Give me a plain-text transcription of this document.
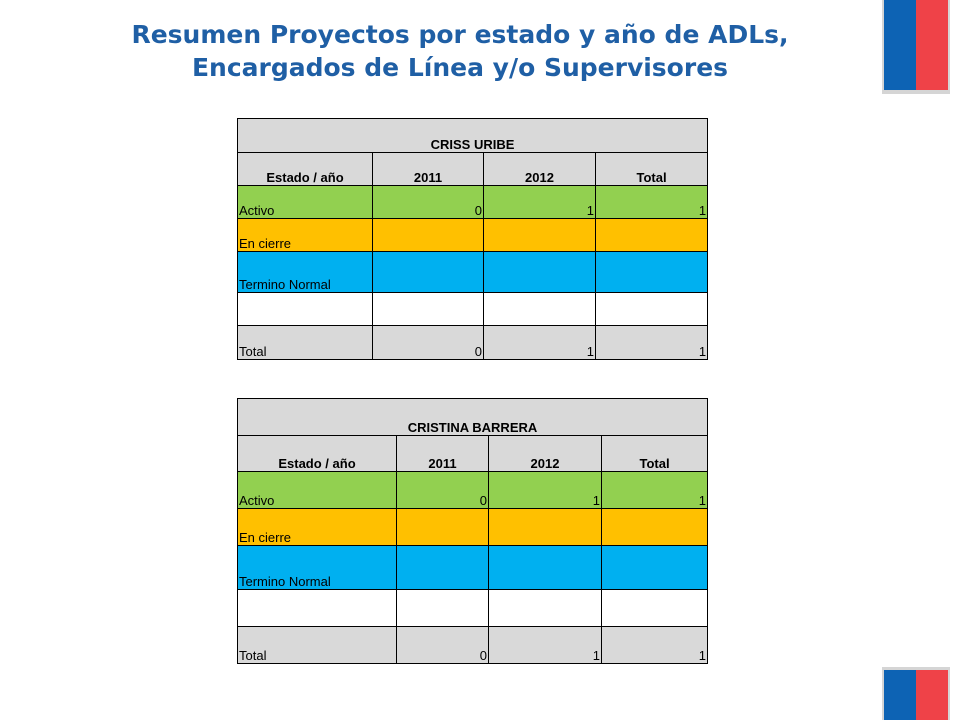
Resumen Proyectos por estado y año de ADLs,
Encargados de Línea y/o Supervisores
CRISS URIBE			
Estado / año	2011	2012	Total
Activo	0	1	1
En cierre			
Termino Normal			

Total	0	1	1
CRISTINA BARRERA			
Estado / año	2011	2012	Total
Activo	0	1	1
En cierre			
Termino Normal			

Total	0	1	1
